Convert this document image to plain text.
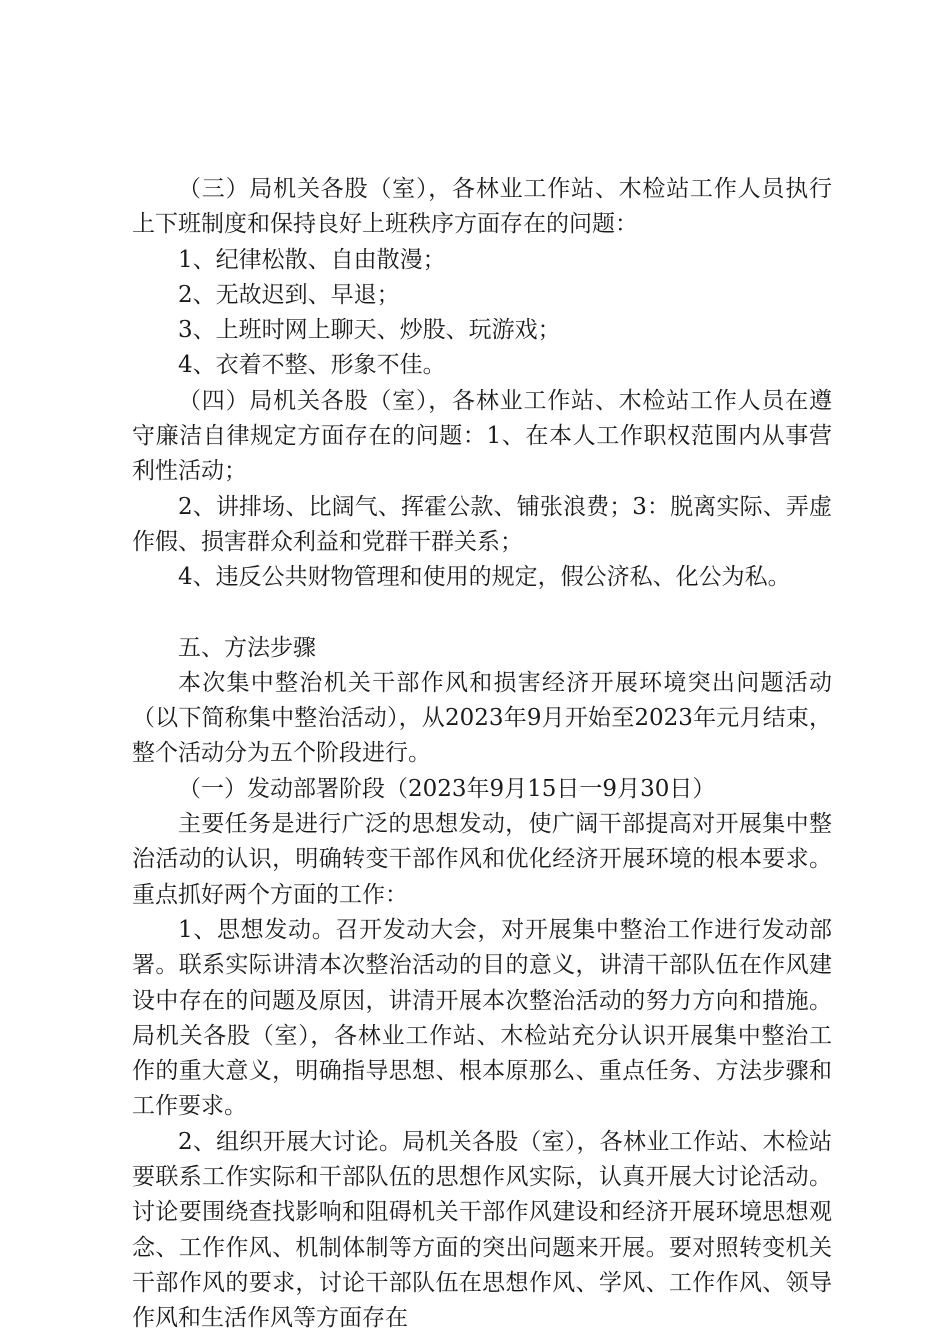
（三）局机关各股（室），各林业工作站、木检站工作人员执行上下班制度和保持良好上班秩序方面存在的问题：

1、纪律松散、自由散漫；

2、无故迟到、早退；

3、上班时网上聊天、炒股、玩游戏；

4、衣着不整、形象不佳。

（四）局机关各股（室），各林业工作站、木检站工作人员在遵守廉洁自律规定方面存在的问题：1、在本人工作职权范围内从事营利性活动；

2、讲排场、比阔气、挥霍公款、铺张浪费；3：脱离实际、弄虚作假、损害群众利益和党群干群关系；

4、违反公共财物管理和使用的规定，假公济私、化公为私。

五、方法步骤

本次集中整治机关干部作风和损害经济开展环境突出问题活动（以下简称集中整治活动），从2023年9月开始至2023年元月结束，整个活动分为五个阶段进行。

（一）发动部署阶段（2023年9月15日一9月30日）

主要任务是进行广泛的思想发动，使广阔干部提高对开展集中整治活动的认识，明确转变干部作风和优化经济开展环境的根本要求。重点抓好两个方面的工作：

1、思想发动。召开发动大会，对开展集中整治工作进行发动部署。联系实际讲清本次整治活动的目的意义，讲清干部队伍在作风建设中存在的问题及原因，讲清开展本次整治活动的努力方向和措施。局机关各股（室），各林业工作站、木检站充分认识开展集中整治工作的重大意义，明确指导思想、根本原那么、重点任务、方法步骤和工作要求。

2、组织开展大讨论。局机关各股（室），各林业工作站、木检站要联系工作实际和干部队伍的思想作风实际，认真开展大讨论活动。讨论要围绕查找影响和阻碍机关干部作风建设和经济开展环境思想观念、工作作风、机制体制等方面的突出问题来开展。要对照转变机关干部作风的要求，讨论干部队伍在思想作风、学风、工作作风、领导作风和生活作风等方面存在
